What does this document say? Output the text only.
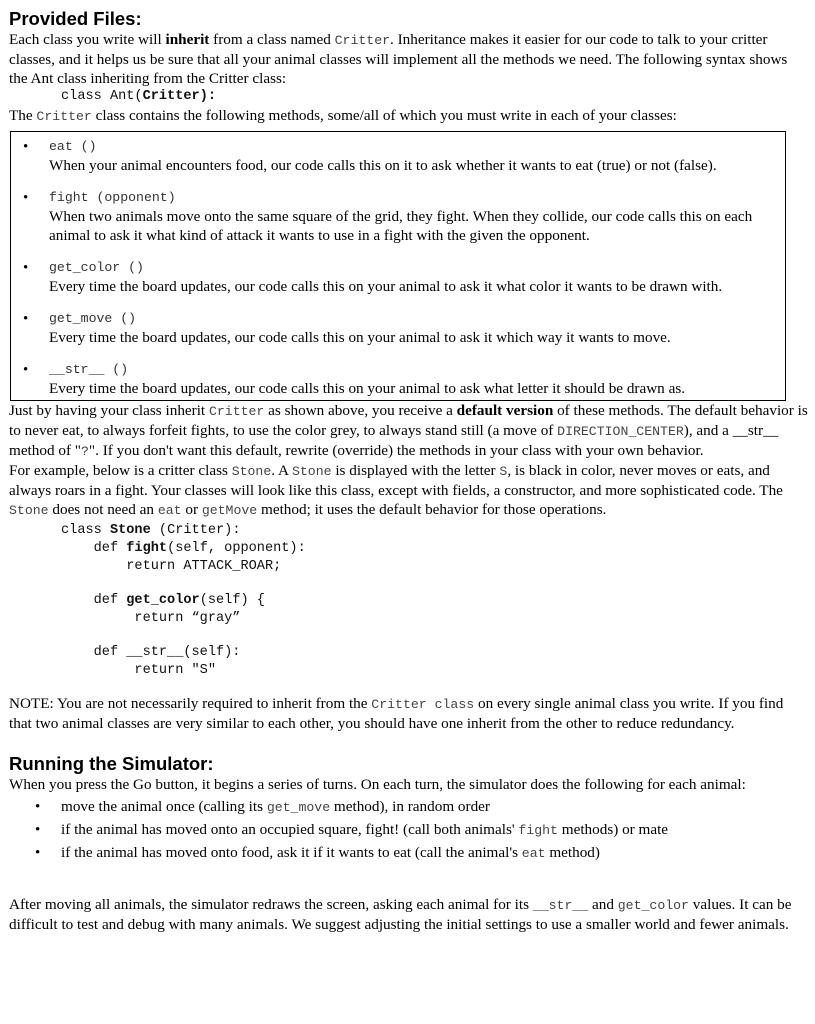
Provided Files:

Each class you write will inherit from a class named Critter. Inheritance makes it easier for our code to talk to your critter classes, and it helps us be sure that all your animal classes will implement all the methods we need. The following syntax shows the Ant class inheriting from the Critter class:

class Ant(Critter):

The Critter class contains the following methods, some/all of which you must write in each of your classes:

• eat ()
When your animal encounters food, our code calls this on it to ask whether it wants to eat (true) or not (false).
• fight (opponent)
When two animals move onto the same square of the grid, they fight. When they collide, our code calls this on each animal to ask it what kind of attack it wants to use in a fight with the given the opponent.
• get_color ()
Every time the board updates, our code calls this on your animal to ask it what color it wants to be drawn with.
• get_move ()
Every time the board updates, our code calls this on your animal to ask it which way it wants to move.
• __str__ ()
Every time the board updates, our code calls this on your animal to ask what letter it should be drawn as.

Just by having your class inherit Critter as shown above, you receive a default version of these methods. The default behavior is to never eat, to always forfeit fights, to use the color grey, to always stand still (a move of DIRECTION_CENTER), and a __str__ method of "?". If you don't want this default, rewrite (override) the methods in your class with your own behavior.

For example, below is a critter class Stone. A Stone is displayed with the letter S, is black in color, never moves or eats, and always roars in a fight. Your classes will look like this class, except with fields, a constructor, and more sophisticated code. The Stone does not need an eat or getMove method; it uses the default behavior for those operations.

class Stone (Critter):
def fight(self, opponent):
return ATTACK_ROAR;
def get_color(self) {
return “gray”
def __str__(self):
return "S"

NOTE: You are not necessarily required to inherit from the Critter class on every single animal class you write. If you find that two animal classes are very similar to each other, you should have one inherit from the other to reduce redundancy.

Running the Simulator:

When you press the Go button, it begins a series of turns. On each turn, the simulator does the following for each animal:

• move the animal once (calling its get_move method), in random order
• if the animal has moved onto an occupied square, fight! (call both animals' fight methods) or mate
• if the animal has moved onto food, ask it if it wants to eat (call the animal's eat method)

After moving all animals, the simulator redraws the screen, asking each animal for its __str__ and get_color values. It can be difficult to test and debug with many animals. We suggest adjusting the initial settings to use a smaller world and fewer animals.
